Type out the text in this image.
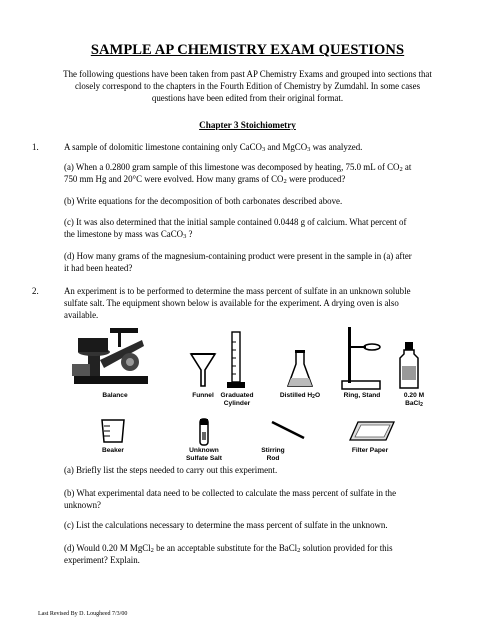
SAMPLE AP CHEMISTRY EXAM QUESTIONS
The following questions have been taken from past AP Chemistry Exams and grouped into sections that
closely correspond to the chapters in the Fourth Edition of Chemistry by Zumdahl. In some cases
questions have been edited from their original format.
Chapter 3 Stoichiometry
1.	A sample of dolomitic limestone containing only CaCO$_3$ and MgCO$_3$ was analyzed.
(a) When a 0.2800 gram sample of this limestone was decomposed by heating, 75.0 mL of $CO_2$ at
750 mm Hg and 20°C were evolved. How many grams of $CO_2$ were produced?
(b) Write equations for the decomposition of both carbonates described above.
(c) It was also determined that the initial sample contained 0.0448 g of calcium. What percent of
the limestone by mass was CaCO$_3$ ?
(d) How many grams of the magnesium-containing product were present in the sample in (a) after
it had been heated?
2.	An experiment is to be performed to determine the mass percent of sulfate in an unknown soluble
sulfate salt. The equipment shown below is available for the experiment. A drying oven is also
available.
Balance	Funnel	Graduated
Cylinder
Distilled $H_2O$	Ring, Stand	0.20 M
BaCl$_2$
Beaker	Unknown
Sulfate Salt
Stirring
Rod
Filter Paper
(a) Briefly list the steps needed to carry out this experiment.
(b) What experimental data need to be collected to calculate the mass percent of sulfate in the
unknown?
(c) List the calculations necessary to determine the mass percent of sulfate in the unknown.
(d) Would 0.20 M MgCl$_2$ be an acceptable substitute for the BaCl$_2$ solution provided for this
experiment? Explain.
Last Revised By D. Lougheed 7/3/00
